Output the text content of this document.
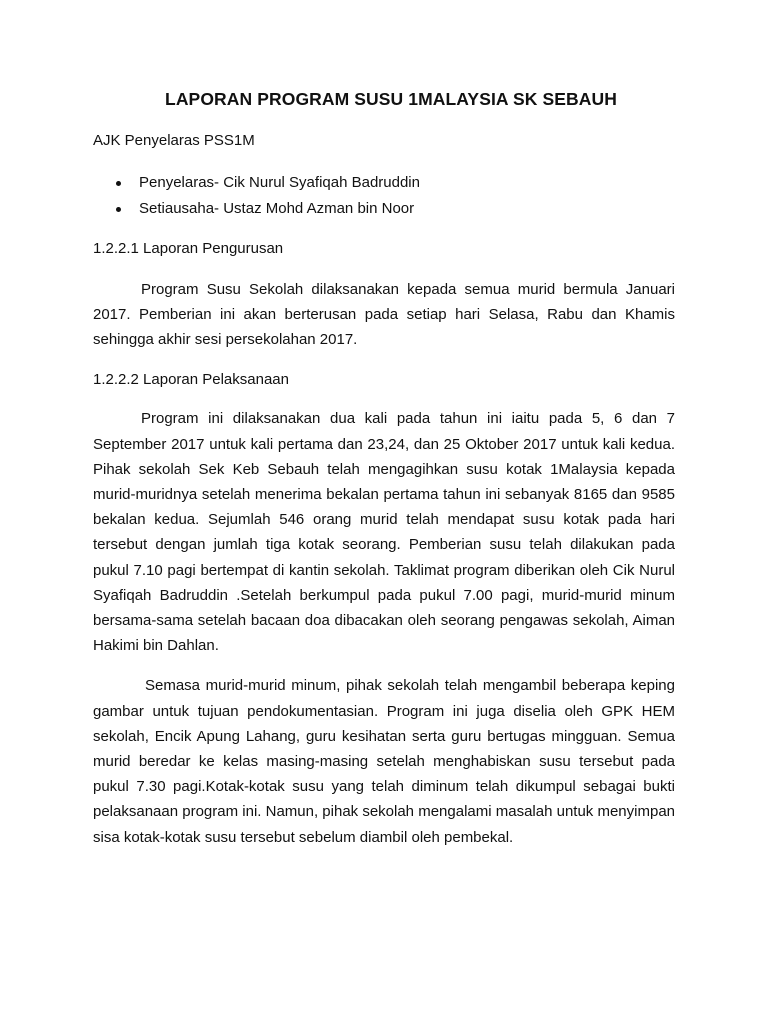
LAPORAN PROGRAM SUSU 1MALAYSIA SK SEBAUH

AJK Penyelaras PSS1M

Penyelaras- Cik Nurul Syafiqah Badruddin
Setiausaha- Ustaz Mohd Azman bin Noor

1.2.2.1 Laporan Pengurusan

Program Susu Sekolah dilaksanakan kepada semua murid bermula Januari 2017. Pemberian ini akan berterusan pada setiap hari Selasa, Rabu dan Khamis sehingga akhir sesi persekolahan 2017.

1.2.2.2 Laporan Pelaksanaan

Program ini dilaksanakan dua kali pada tahun ini iaitu pada 5, 6 dan 7 September 2017 untuk kali pertama dan 23,24, dan 25 Oktober 2017 untuk kali kedua. Pihak sekolah Sek Keb Sebauh telah mengagihkan susu kotak 1Malaysia kepada murid-muridnya setelah menerima bekalan pertama tahun ini sebanyak 8165 dan 9585 bekalan kedua. Sejumlah 546 orang murid telah mendapat susu kotak pada hari tersebut dengan jumlah tiga kotak seorang. Pemberian susu telah dilakukan pada pukul 7.10 pagi bertempat di kantin sekolah. Taklimat program diberikan oleh Cik Nurul Syafiqah Badruddin .Setelah berkumpul pada pukul 7.00 pagi, murid-murid minum bersama-sama setelah bacaan doa dibacakan oleh seorang pengawas sekolah, Aiman Hakimi bin Dahlan.

Semasa murid-murid minum, pihak sekolah telah mengambil beberapa keping gambar untuk tujuan pendokumentasian. Program ini juga diselia oleh GPK HEM sekolah, Encik Apung Lahang, guru kesihatan serta guru bertugas mingguan. Semua murid beredar ke kelas masing-masing setelah menghabiskan susu tersebut pada pukul 7.30 pagi.Kotak-kotak susu yang telah diminum telah dikumpul sebagai bukti pelaksanaan program ini. Namun, pihak sekolah mengalami masalah untuk menyimpan sisa kotak-kotak susu tersebut sebelum diambil oleh pembekal.
